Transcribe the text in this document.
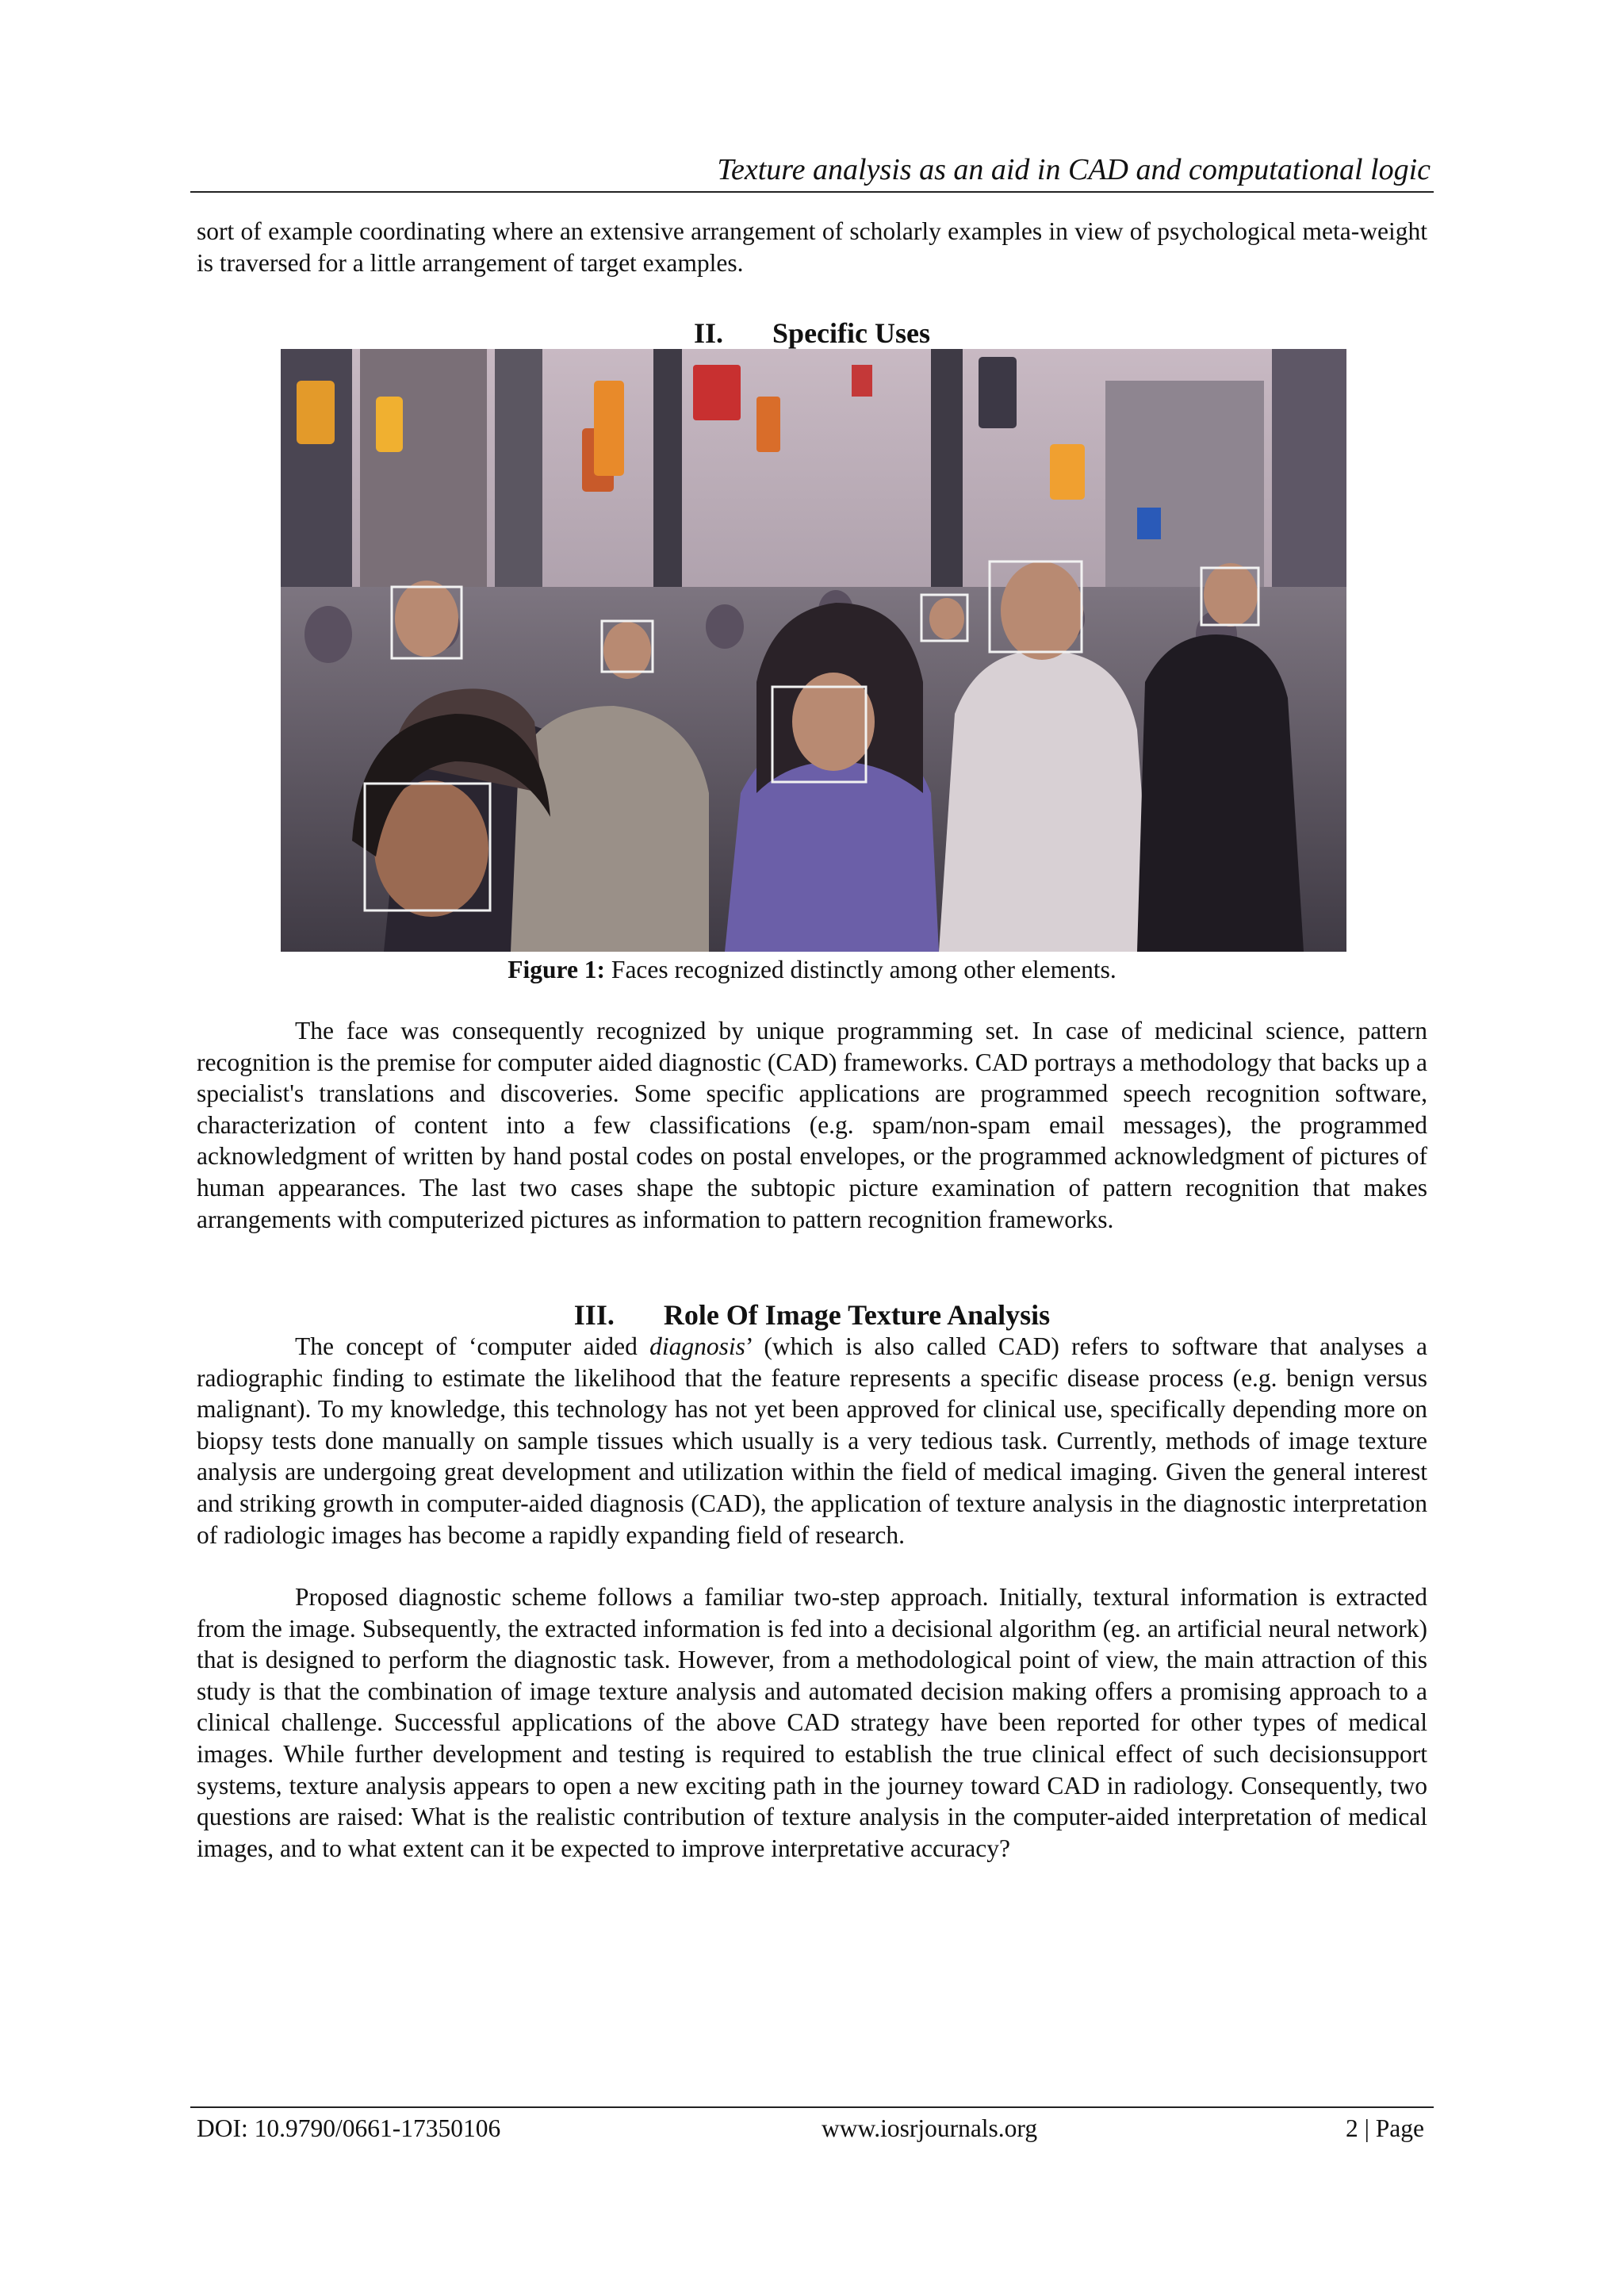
Texture analysis as an aid in CAD and computational logic
sort of example coordinating where an extensive arrangement of scholarly examples in view of psychological meta-weight is traversed for a little arrangement of target examples.
II. Specific Uses
Figure 1: Faces recognized distinctly among other elements.
The face was consequently recognized by unique programming set. In case of medicinal science, pattern recognition is the premise for computer aided diagnostic (CAD) frameworks. CAD portrays a methodology that backs up a specialist's translations and discoveries. Some specific applications are programmed speech recognition software, characterization of content into a few classifications (e.g. spam/non-spam email messages), the programmed acknowledgment of written by hand postal codes on postal envelopes, or the programmed acknowledgment of pictures of human appearances. The last two cases shape the subtopic picture examination of pattern recognition that makes arrangements with computerized pictures as information to pattern recognition frameworks.
III. Role Of Image Texture Analysis
The concept of ‘computer aided diagnosis’ (which is also called CAD) refers to software that analyses a radiographic finding to estimate the likelihood that the feature represents a specific disease process (e.g. benign versus malignant). To my knowledge, this technology has not yet been approved for clinical use, specifically depending more on biopsy tests done manually on sample tissues which usually is a very tedious task. Currently, methods of image texture analysis are undergoing great development and utilization within the field of medical imaging. Given the general interest and striking growth in computer-aided diagnosis (CAD), the application of texture analysis in the diagnostic interpretation of radiologic images has become a rapidly expanding field of research.
Proposed diagnostic scheme follows a familiar two-step approach. Initially, textural information is extracted from the image. Subsequently, the extracted information is fed into a decisional algorithm (eg. an artificial neural network) that is designed to perform the diagnostic task. However, from a methodological point of view, the main attraction of this study is that the combination of image texture analysis and automated decision making offers a promising approach to a clinical challenge. Successful applications of the above CAD strategy have been reported for other types of medical images. While further development and testing is required to establish the true clinical effect of such decisionsupport systems, texture analysis appears to open a new exciting path in the journey toward CAD in radiology. Consequently, two questions are raised: What is the realistic contribution of texture analysis in the computer-aided interpretation of medical images, and to what extent can it be expected to improve interpretative accuracy?
DOI: 10.9790/0661-17350106	www.iosrjournals.org	2 | Page
